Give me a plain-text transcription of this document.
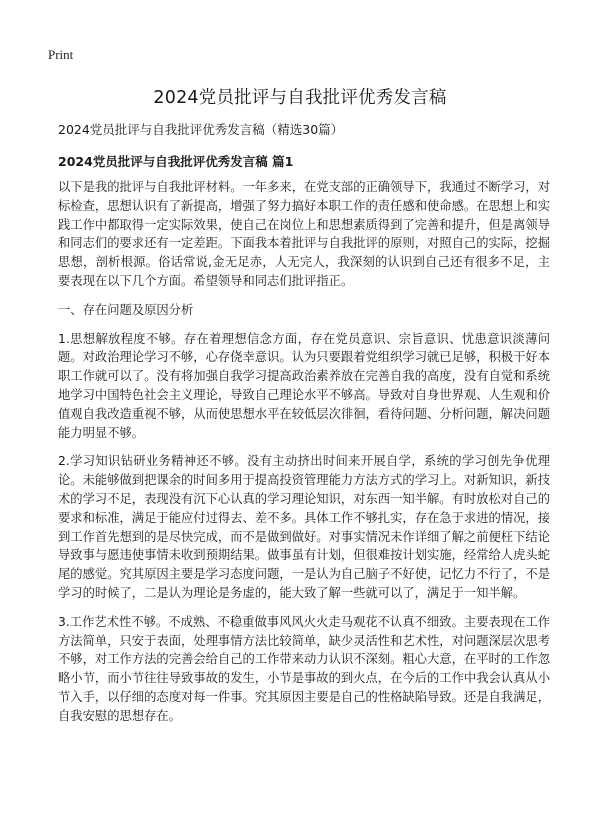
Print
2024党员批评与自我批评优秀发言稿

2024党员批评与自我批评优秀发言稿（精选30篇）

2024党员批评与自我批评优秀发言稿 篇1

以下是我的批评与自我批评材料。一年多来，在党支部的正确领导下，我通过不断学习，对标检查，思想认识有了新提高，增强了努力搞好本职工作的责任感和使命感。在思想上和实践工作中都取得一定实际效果，使自己在岗位上和思想素质得到了完善和提升，但是离领导和同志们的要求还有一定差距。下面我本着批评与自我批评的原则，对照自己的实际，挖掘思想，剖析根源。俗话常说,金无足赤，人无完人，我深刻的认识到自己还有很多不足，主要表现在以下几个方面。希望领导和同志们批评指正。

一、存在问题及原因分析

1.思想解放程度不够。存在着理想信念方面，存在党员意识、宗旨意识、忧患意识淡薄问题。对政治理论学习不够，心存侥幸意识。认为只要跟着党组织学习就已足够，积极干好本职工作就可以了。没有将加强自我学习提高政治素养放在完善自我的高度，没有自觉和系统地学习中国特色社会主义理论，导致自己理论水平不够高。导致对自身世界观、人生观和价值观自我改造重视不够，从而使思想水平在较低层次徘徊，看待问题、分析问题，解决问题能力明显不够。

2.学习知识钻研业务精神还不够。没有主动挤出时间来开展自学，系统的学习创先争优理论。未能够做到把课余的时间多用于提高投资管理能力方法方式的学习上。对新知识，新技术的学习不足，表现没有沉下心认真的学习理论知识，对东西一知半解。有时放松对自己的要求和标准，满足于能应付过得去、差不多。具体工作不够扎实，存在急于求进的情况，接到工作首先想到的是尽快完成，而不是做到做好。对事实情况未作详细了解之前便枉下结论导致事与愿违使事情未收到预期结果。做事虽有计划，但很难按计划实施，经常给人虎头蛇尾的感觉。究其原因主要是学习态度问题，一是认为自己脑子不好使，记忆力不行了，不是学习的时候了，二是认为理论是务虚的，能大致了解一些就可以了，满足于一知半解。

3.工作艺术性不够。不成熟、不稳重做事风风火火走马观花不认真不细致。主要表现在工作方法简单，只安于表面，处理事情方法比较简单，缺少灵活性和艺术性，对问题深层次思考不够，对工作方法的完善会给自己的工作带来动力认识不深刻。粗心大意，在平时的工作忽略小节，而小节往往导致事故的发生，小节是事故的到火点，在今后的工作中我会认真从小节入手，以仔细的态度对每一件事。究其原因主要是自己的性格缺陷导致。还是自我满足，自我安慰的思想存在。
